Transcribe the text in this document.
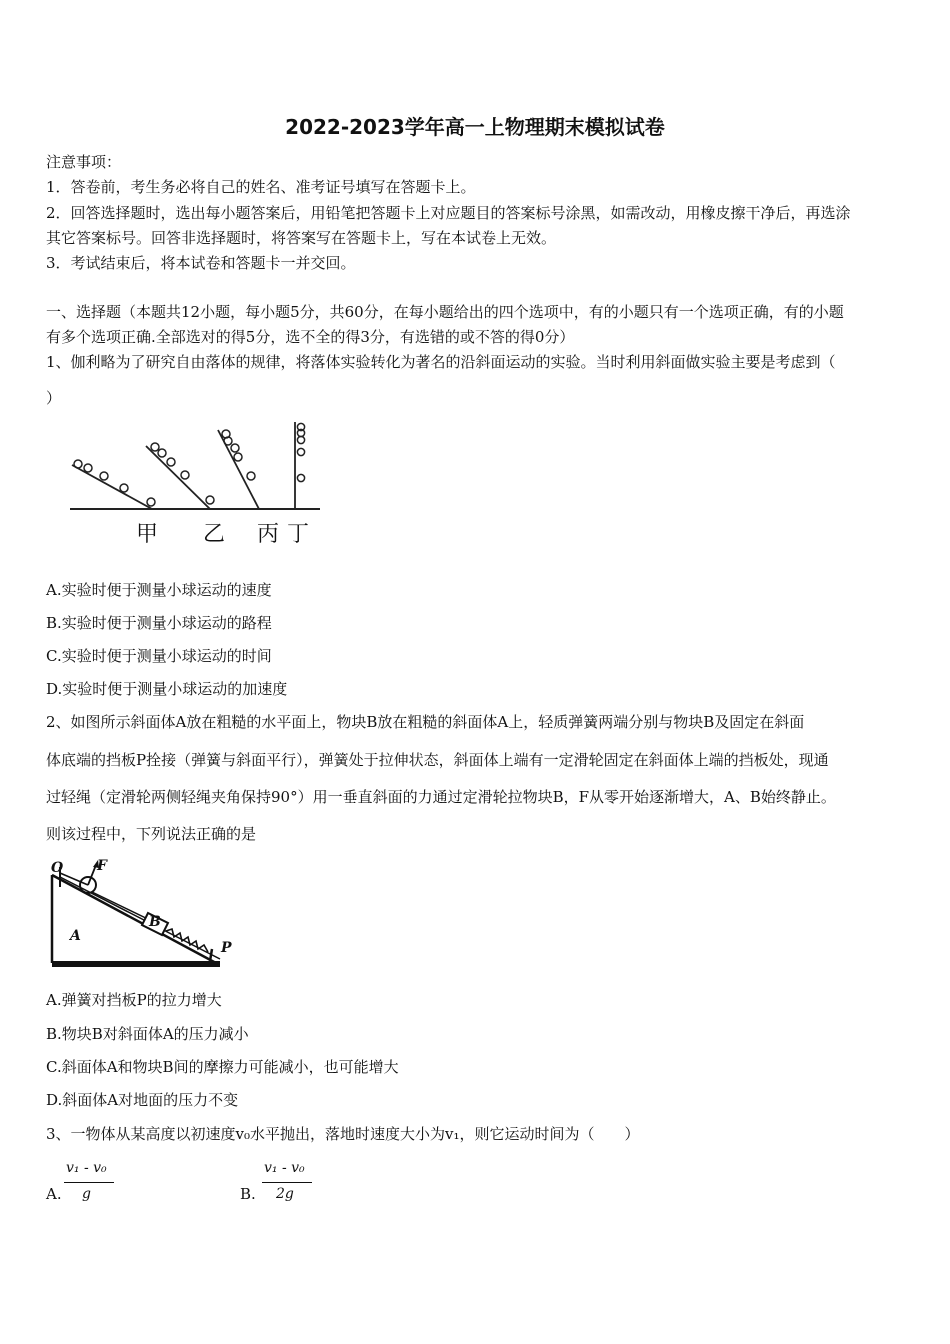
2022-2023学年高一上物理期末模拟试卷
注意事项：
1．答卷前，考生务必将自己的姓名、准考证号填写在答题卡上。
2．回答选择题时，选出每小题答案后，用铅笔把答题卡上对应题目的答案标号涂黑，如需改动，用橡皮擦干净后，再选涂
其它答案标号。回答非选择题时，将答案写在答题卡上，写在本试卷上无效。
3．考试结束后，将本试卷和答题卡一并交回。
一、选择题（本题共12小题，每小题5分，共60分，在每小题给出的四个选项中，有的小题只有一个选项正确，有的小题
有多个选项正确.全部选对的得5分，选不全的得3分，有选错的或不答的得0分）
1、伽利略为了研究自由落体的规律，将落体实验转化为著名的沿斜面运动的实验。当时利用斜面做实验主要是考虑到（
）
甲 乙 丙 丁
A.实验时便于测量小球运动的速度
B.实验时便于测量小球运动的路程
C.实验时便于测量小球运动的时间
D.实验时便于测量小球运动的加速度
2、如图所示斜面体A放在粗糙的水平面上，物块B放在粗糙的斜面体A上，轻质弹簧两端分别与物块B及固定在斜面
体底端的挡板P拴接（弹簧与斜面平行），弹簧处于拉伸状态，斜面体上端有一定滑轮固定在斜面体上端的挡板处，现通
过轻绳（定滑轮两侧轻绳夹角保持90°）用一垂直斜面的力通过定滑轮拉物块B，F从零开始逐渐增大，A、B始终静止。
则该过程中，下列说法正确的是
O F
B
A
P
A.弹簧对挡板P的拉力增大
B.物块B对斜面体A的压力减小
C.斜面体A和物块B间的摩擦力可能减小，也可能增大
D.斜面体A对地面的压力不变
3、一物体从某高度以初速度v₀水平抛出，落地时速度大小为v₁，则它运动时间为（　　）
A.
v₁ - v₀
g	B.
v₁ - v₀
2g
